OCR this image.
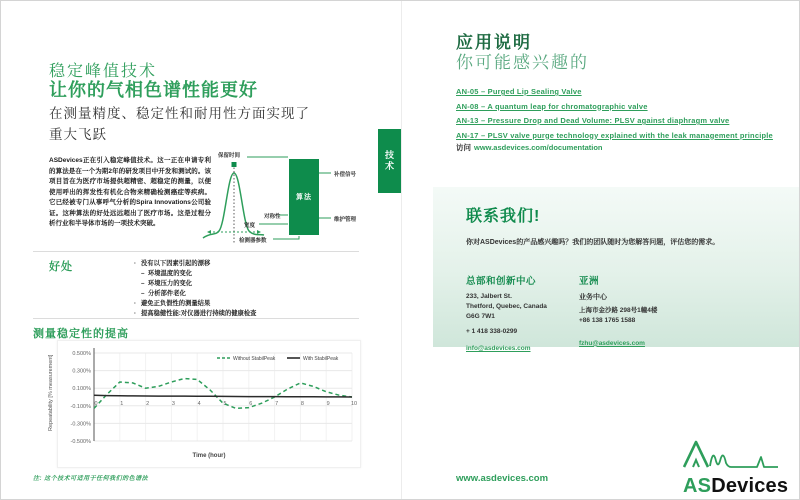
稳定峰值技术
让你的气相色谱性能更好
在测量精度、稳定性和耐用性方面实现了
重大飞跃
ASDevices正在引入稳定峰值技术。这一正在申请专利的算法是在一个为期2年的研发项目中开发和测试的。该项目旨在为医疗市场提供超精密、超稳定的测量，以便使用呼出的挥发性有机化合物来精确检测癌症等疾病。它已经被专门从事呼气分析的Spira Innovations公司验证。这种算法的好处远远超出了医疗市场。这是过程分析行业和半导体市场的一项技术突破。
保留时间
对称性
宽度
检测器参数
算法
补偿信号
维护管理
好处	· 没有以下因素引起的漂移
– 环境温度的变化
– 环境压力的变化
– 分析部件老化
· 避免正负假性的测量结果
· 提高稳健性能:对仪器进行持续的健康检查
测量稳定性的提高
0.500%
0.300%
0.100%
-0.100%
-0.300%
-0.500%
0	1	2	3	4	5	6	7	8	9	10
Without StabilPeak	With StabilPeak
Repeatability [% measurement]
Time (hour)
注: 这个技术可适用于任何我们的色谱法
技术
应用说明
你可能感兴趣的
AN-05 – Purged Lip Sealing Valve
AN-08 – A quantum leap for chromatographic valve
AN-13 – Pressure Drop and Dead Volume: PLSV against diaphragm valve
AN-17 – PLSV valve purge technology explained with the leak management principle
访问 www.asdevices.com/documentation
联系我们!
你对ASDevices的产品感兴趣吗？我们的团队随时为您解答问题，评估您的需求。
总部和创新中心
233, Jalbert St.
Thetford, Quebec, Canada
G6G 7W1
+ 1 418 338-0299
info@asdevices.com
亚洲
业务中心
上海市金沙路 298号1幢4楼
+86 138 1765 1588
fzhu@asdevices.com
www.asdevices.com	ASDevices
